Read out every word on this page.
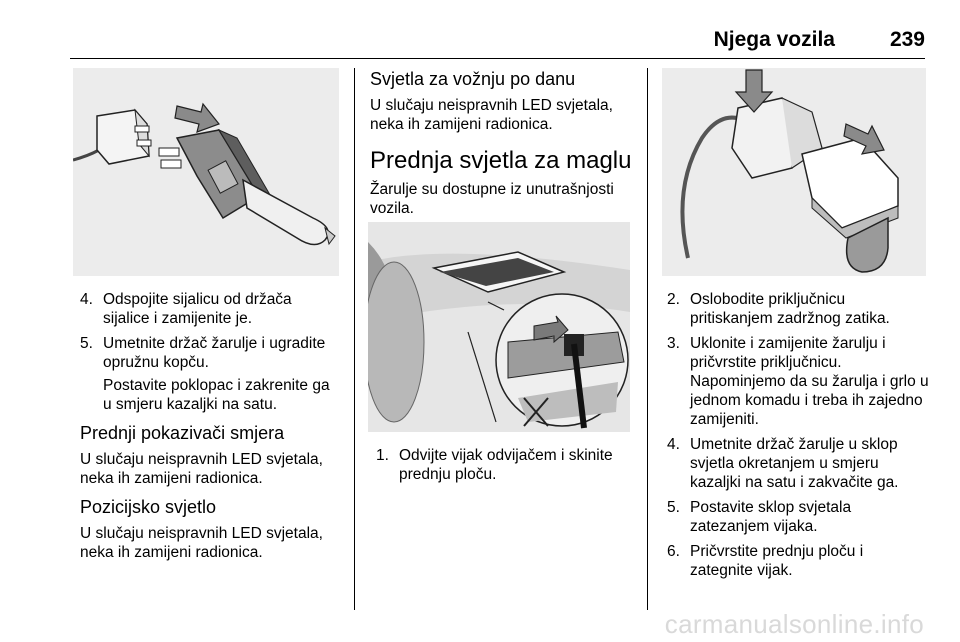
Njega vozila	239
4. Odspojite sijalicu od držača sijalice i zamijenite je.
5. Umetnite držač žarulje i ugradite opružnu kopču.

Postavite poklopac i zakrenite ga u smjeru kazaljki na satu.

Prednji pokazivači smjera

U slučaju neispravnih LED svjetala, neka ih zamijeni radionica.

Pozicijsko svjetlo

U slučaju neispravnih LED svjetala, neka ih zamijeni radionica.

Svjetla za vožnju po danu

U slučaju neispravnih LED svjetala, neka ih zamijeni radionica.

Prednja svjetla za maglu

Žarulje su dostupne iz unutrašnjosti vozila.

1. Odvijte vijak odvijačem i skinite prednju ploču.
2. Oslobodite priključnicu pritiskanjem zadržnog zatika.
3. Uklonite i zamijenite žarulju i pričvrstite priključnicu. Napominjemo da su žarulja i grlo u jednom komadu i treba ih zajedno zamijeniti.
4. Umetnite držač žarulje u sklop svjetla okretanjem u smjeru kazaljki na satu i zakvačite ga.
5. Postavite sklop svjetala zatezanjem vijaka.
6. Pričvrstite prednju ploču i zategnite vijak.
carmanualsonline.info
